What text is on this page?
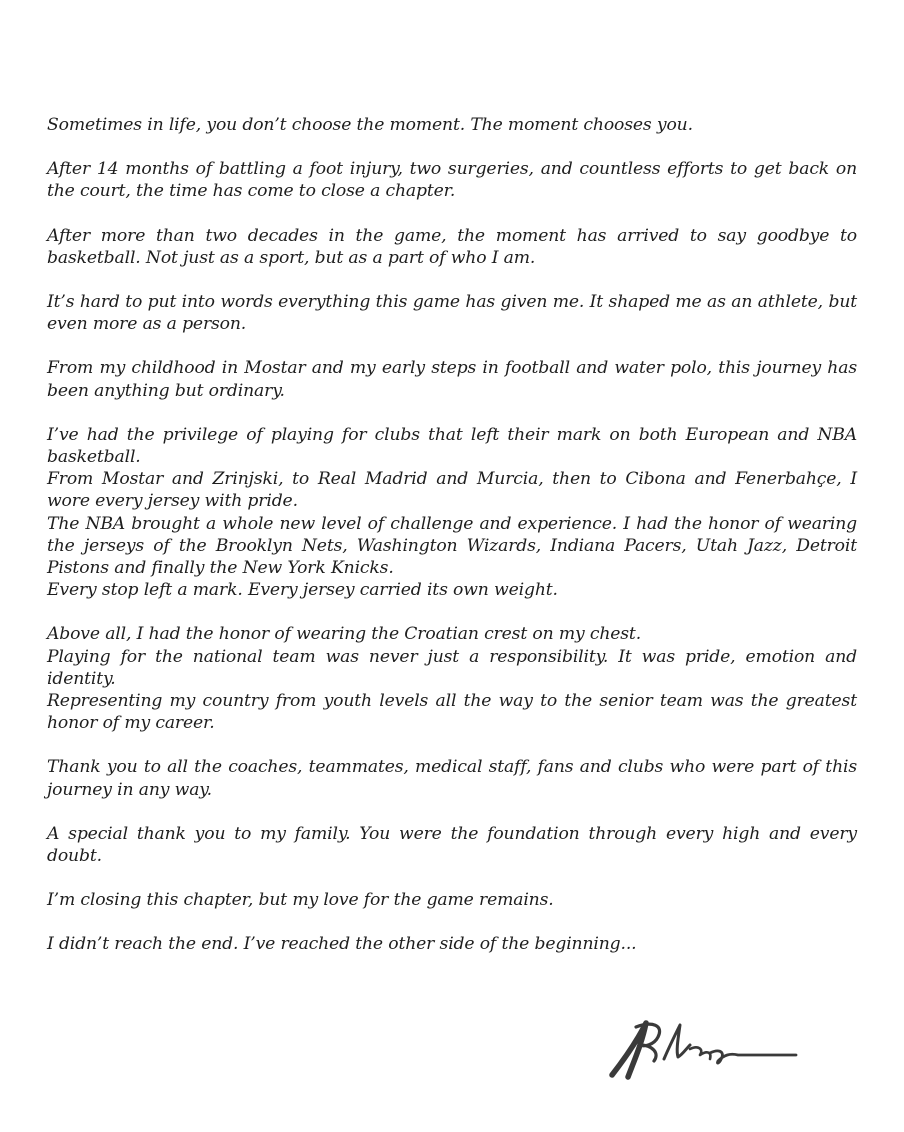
Sometimes in life, you don’t choose the moment. The moment chooses you.

After 14 months of battling a foot injury, two surgeries, and countless efforts to get back on the court, the time has come to close a chapter.

After more than two decades in the game, the moment has arrived to say goodbye to basketball. Not just as a sport, but as a part of who I am.

It’s hard to put into words everything this game has given me. It shaped me as an athlete, but even more as a person.

From my childhood in Mostar and my early steps in football and water polo, this journey has been anything but ordinary.

I’ve had the privilege of playing for clubs that left their mark on both European and NBA basketball.
From Mostar and Zrinjski, to Real Madrid and Murcia, then to Cibona and Fenerbahçe, I wore every jersey with pride.
The NBA brought a whole new level of challenge and experience. I had the honor of wearing the jerseys of the Brooklyn Nets, Washington Wizards, Indiana Pacers, Utah Jazz, Detroit Pistons and finally the New York Knicks.
Every stop left a mark. Every jersey carried its own weight.

Above all, I had the honor of wearing the Croatian crest on my chest.
Playing for the national team was never just a responsibility. It was pride, emotion and identity.
Representing my country from youth levels all the way to the senior team was the greatest honor of my career.

Thank you to all the coaches, teammates, medical staff, fans and clubs who were part of this journey in any way.

A special thank you to my family. You were the foundation through every high and every doubt.

I’m closing this chapter, but my love for the game remains.

I didn’t reach the end. I’ve reached the other side of the beginning...
